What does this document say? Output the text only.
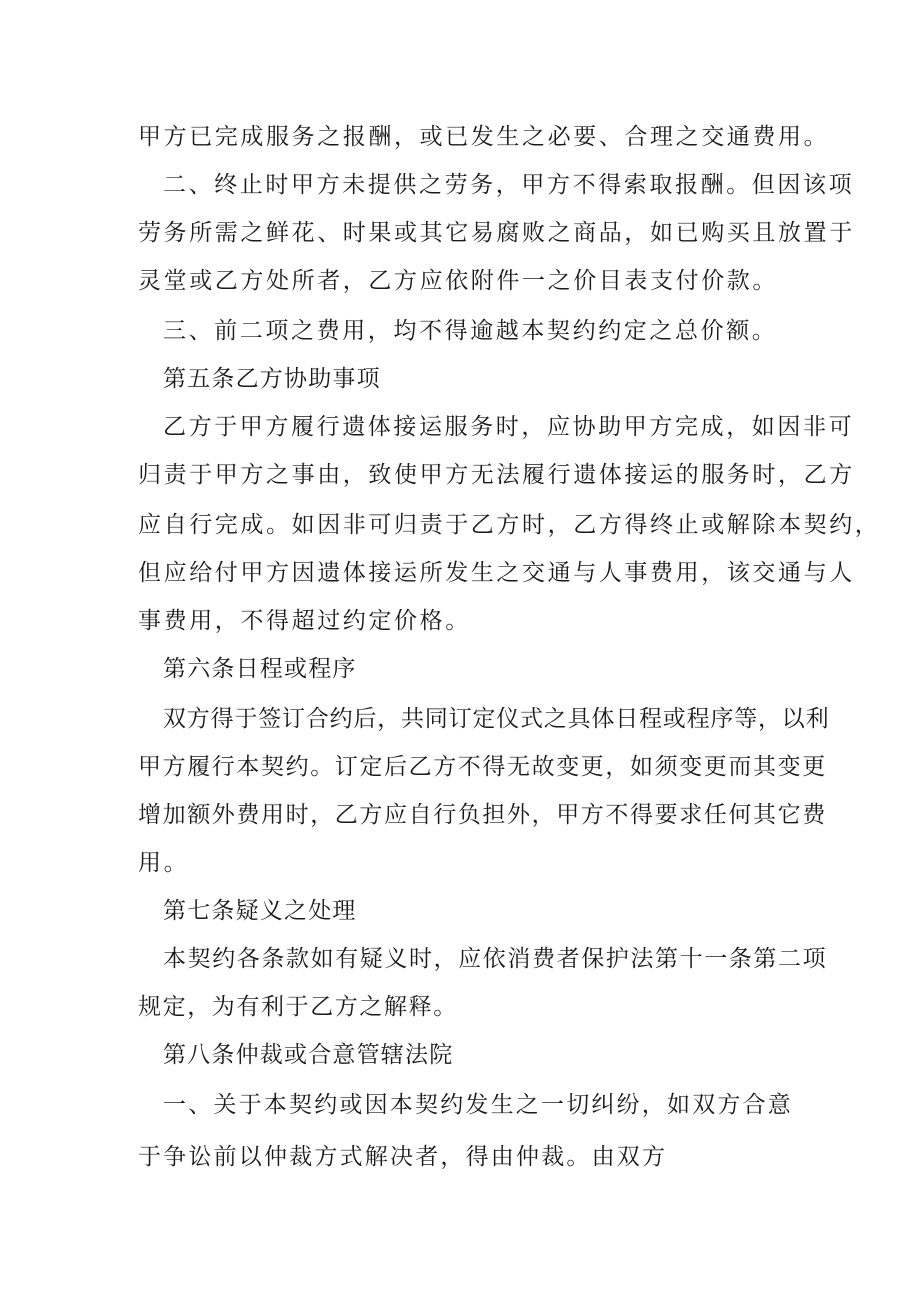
甲方已完成服务之报酬，或已发生之必要、合理之交通费用。
二、终止时甲方未提供之劳务，甲方不得索取报酬。但因该项
劳务所需之鲜花、时果或其它易腐败之商品，如已购买且放置于
灵堂或乙方处所者，乙方应依附件一之价目表支付价款。
三、前二项之费用，均不得逾越本契约约定之总价额。
第五条乙方协助事项
乙方于甲方履行遗体接运服务时，应协助甲方完成，如因非可
归责于甲方之事由，致使甲方无法履行遗体接运的服务时，乙方
应自行完成。如因非可归责于乙方时，乙方得终止或解除本契约，
但应给付甲方因遗体接运所发生之交通与人事费用，该交通与人
事费用，不得超过约定价格。
第六条日程或程序
双方得于签订合约后，共同订定仪式之具体日程或程序等，以利
甲方履行本契约。订定后乙方不得无故变更，如须变更而其变更
增加额外费用时，乙方应自行负担外，甲方不得要求任何其它费
用。
第七条疑义之处理
本契约各条款如有疑义时，应依消费者保护法第十一条第二项
规定，为有利于乙方之解释。
第八条仲裁或合意管辖法院
一、关于本契约或因本契约发生之一切纠纷，如双方合意
于争讼前以仲裁方式解决者，得由仲裁。由双方
